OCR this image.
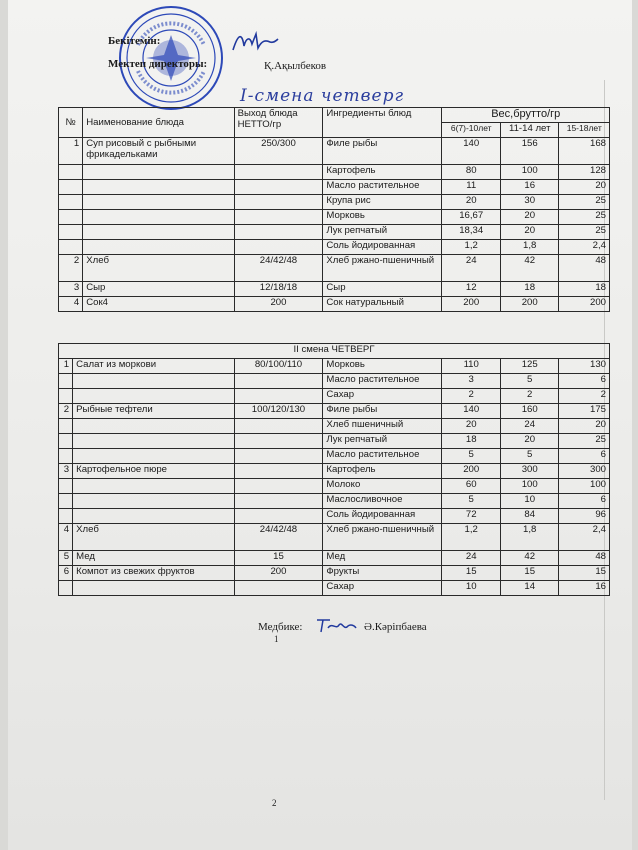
Бекітемін:
Мектеп директоры:	Қ.Ақылбеков
I-смена четверг
№	Наименование блюда	Выход блюда НЕТТО/гр	Ингредиенты блюд	Вес,брутто/гр		
				6(7)-10лет	11-14 лет	15-18лет
1	Суп рисовый с рыбными фрикадельками	250/300	Филе рыбы	140	156	168
			Картофель	80	100	128
			Масло растительное	11	16	20
			Крупа рис	20	30	25
			Морковь	16,67	20	25
			Лук репчатый	18,34	20	25
			Соль йодированная	1,2	1,8	2,4
2	Хлеб	24/42/48	Хлеб ржано-пшеничный	24	42	48
3	Сыр	12/18/18	Сыр	12	18	18
4	Сок4	200	Сок натуральный	200	200	200
II смена ЧЕТВЕРГ						
1	Салат из моркови	80/100/110	Морковь	110	125	130
			Масло растительное	3	5	6
			Сахар	2	2	2
2	Рыбные тефтели	100/120/130	Филе рыбы	140	160	175
			Хлеб пшеничный	20	24	20
			Лук репчатый	18	20	25
			Масло растительное	5	5	6
3	Картофельное пюре		Картофель	200	300	300
			Молоко	60	100	100
			Маслосливочное	5	10	6
			Соль йодированная	72	84	96
4	Хлеб	24/42/48	Хлеб ржано-пшеничный	1,2	1,8	2,4
5	Мед	15	Мед	24	42	48
6	Компот из свежих фруктов	200	Фрукты	15	15	15
			Сахар	10	14	16
Медбике:	Ә.Кәрiпбаева
1
2
